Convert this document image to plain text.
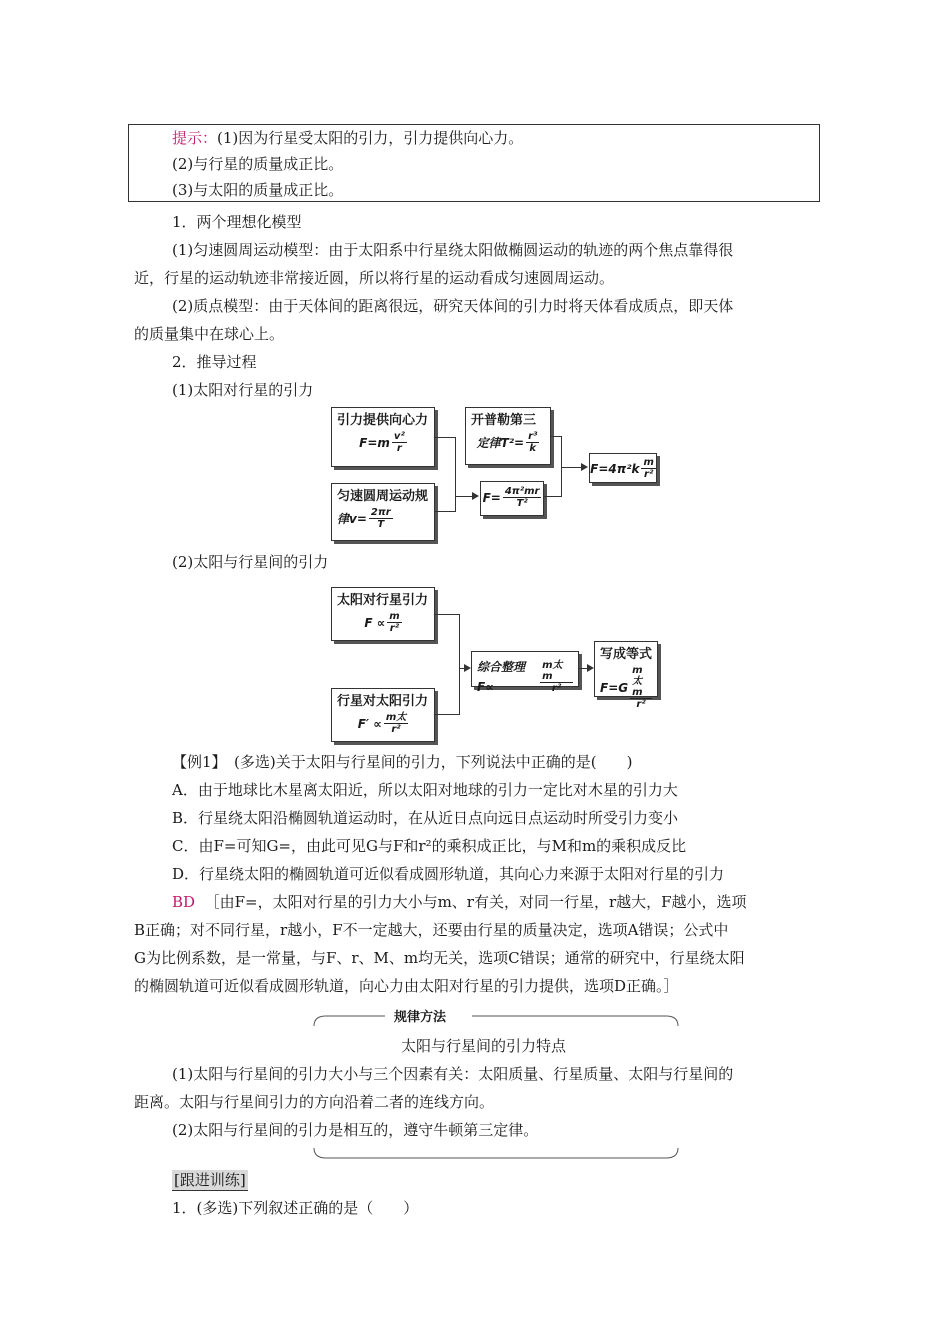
提示：(1)因为行星受太阳的引力，引力提供向心力。
(2)与行星的质量成正比。
(3)与太阳的质量成正比。
1．两个理想化模型
(1)匀速圆周运动模型：由于太阳系中行星绕太阳做椭圆运动的轨迹的两个焦点靠得很
近，行星的运动轨迹非常接近圆，所以将行星的运动看成匀速圆周运动。
(2)质点模型：由于天体间的距离很远，研究天体间的引力时将天体看成质点，即天体
的质量集中在球心上。
2．推导过程
(1)太阳对行星的引力
引力提供向心力
$F=m \frac{\text{v²}}{r}$
开普勒第三
定律$T^2= \frac{\text{r³}}{k}$
匀速圆周运动规
律$v= \frac{2\pi r}{T}$
$F= \frac{\text{4π²mr}}{\text{T²}}$
$F=4\pi^2k \frac{m}{\text{r²}}$
(2)太阳与行星间的引力
太阳对行星引力
$F \propto \frac{m}{\text{r²}}$
行星对太阳引力
$F' \propto \frac{\text{m太}}{\text{r²}}$
综合整理F∝	$\frac{\text{m太m}}{\text{r²}}$
写成等式
$F=G \frac{\text{m太m}}{\text{r²}}$
【例1】　(多选)关于太阳与行星间的引力，下列说法中正确的是(　　)
A．由于地球比木星离太阳近，所以太阳对地球的引力一定比对木星的引力大
B．行星绕太阳沿椭圆轨道运动时，在从近日点向远日点运动时所受引力变小
C．由F=可知G=，由此可见G与F和r²的乘积成正比，与M和m的乘积成反比
D．行星绕太阳的椭圆轨道可近似看成圆形轨道，其向心力来源于太阳对行星的引力
BD ［由F=，太阳对行星的引力大小与m、r有关，对同一行星，r越大，F越小，选项
B正确；对不同行星，r越小，F不一定越大，还要由行星的质量决定，选项A错误；公式中
G为比例系数，是一常量，与F、r、M、m均无关，选项C错误；通常的研究中，行星绕太阳
的椭圆轨道可近似看成圆形轨道，向心力由太阳对行星的引力提供，选项D正确。］
规律方法
太阳与行星间的引力特点
(1)太阳与行星间的引力大小与三个因素有关：太阳质量、行星质量、太阳与行星间的
距离。太阳与行星间引力的方向沿着二者的连线方向。
(2)太阳与行星间的引力是相互的，遵守牛顿第三定律。
[跟进训练]
1．(多选)下列叙述正确的是（　　）
